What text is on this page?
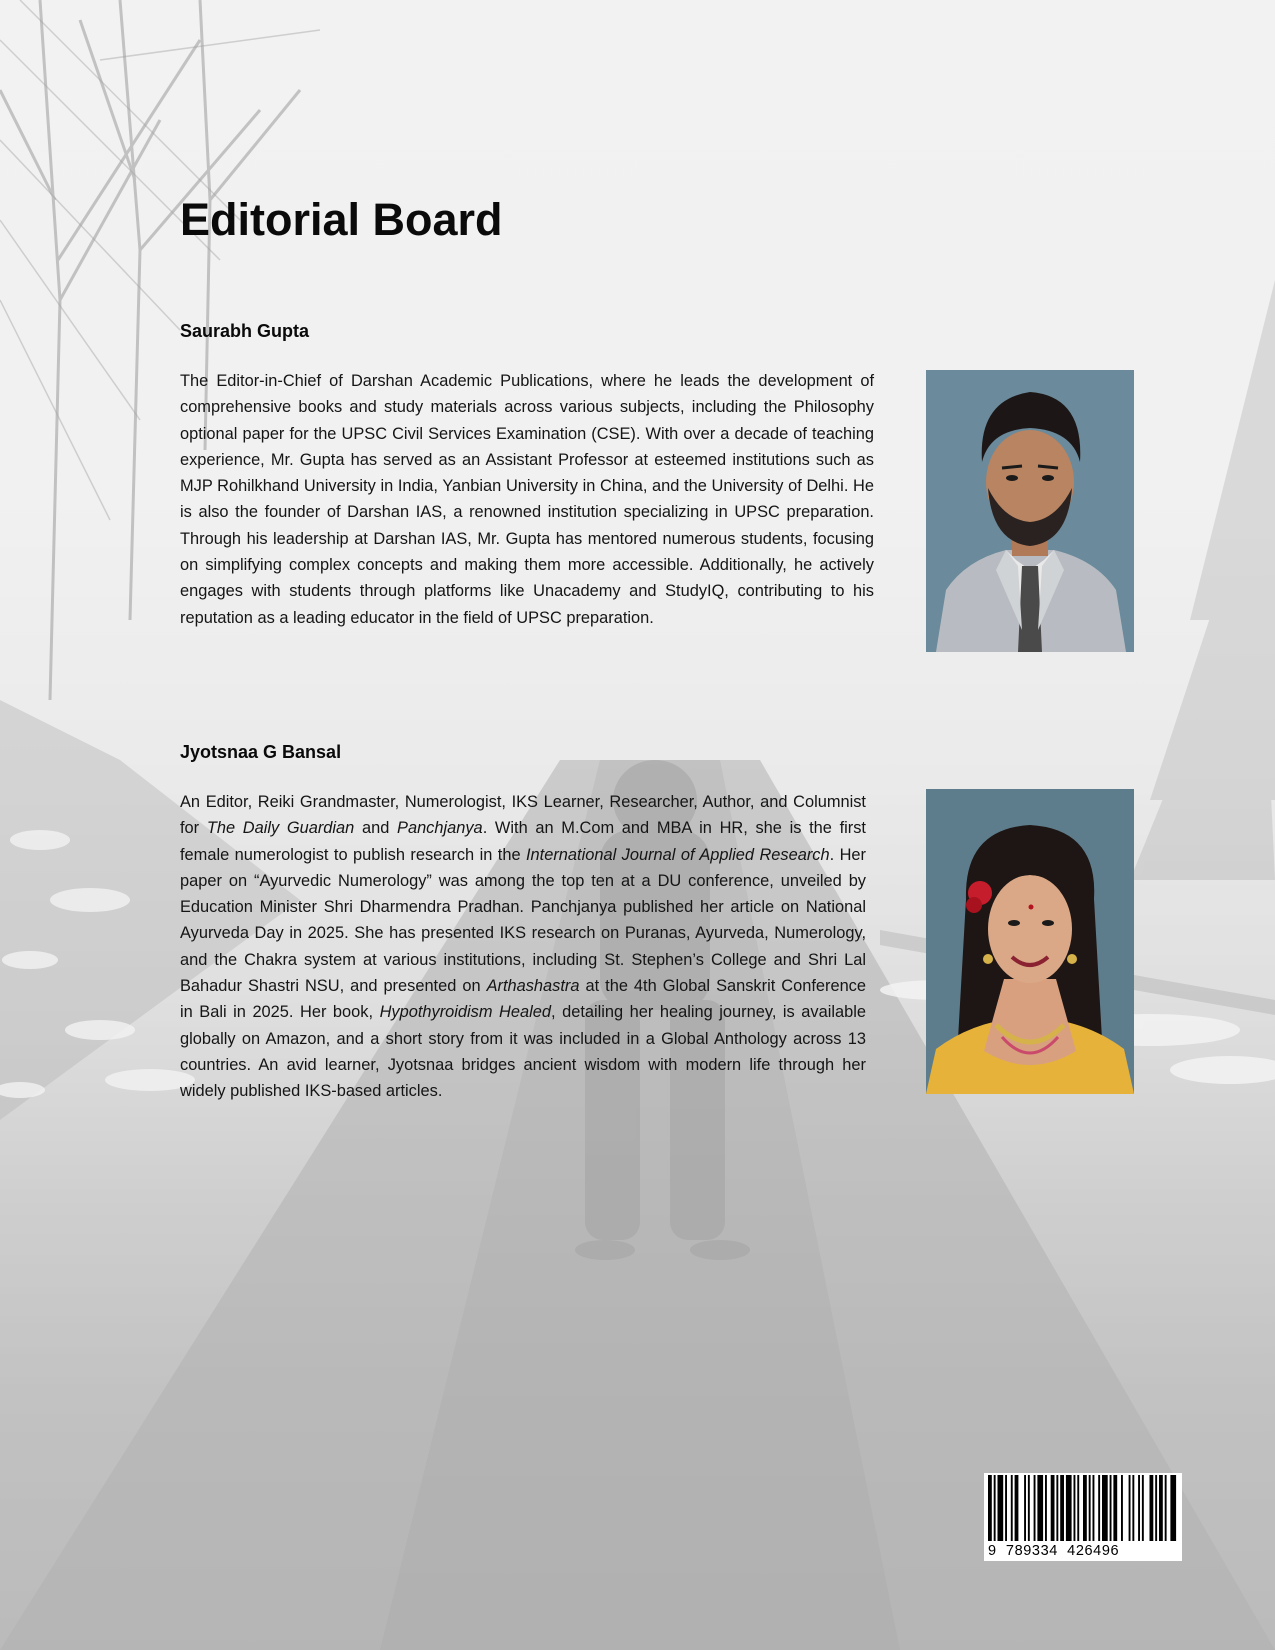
Editorial Board
Saurabh Gupta

The Editor-in-Chief of Darshan Academic Publications, where he leads the development of comprehensive books and study materials across various subjects, including the Philosophy optional paper for the UPSC Civil Services Examination (CSE). With over a decade of teaching experience, Mr. Gupta has served as an Assistant Professor at esteemed institutions such as MJP Rohilkhand University in India, Yanbian University in China, and the University of Delhi. He is also the founder of Darshan IAS, a renowned institution specializing in UPSC preparation. Through his leadership at Darshan IAS, Mr. Gupta has mentored numerous students, focusing on simplifying complex concepts and making them more accessible. Additionally, he actively engages with students through platforms like Unacademy and StudyIQ, contributing to his reputation as a leading educator in the field of UPSC preparation.

Jyotsnaa G Bansal

An Editor, Reiki Grandmaster, Numerologist, IKS Learner, Researcher, Author, and Columnist for The Daily Guardian and Panchjanya. With an M.Com and MBA in HR, she is the first female numerologist to publish research in the International Journal of Applied Research. Her paper on “Ayurvedic Numerology” was among the top ten at a DU conference, unveiled by Education Minister Shri Dharmendra Pradhan. Panchjanya published her article on National Ayurveda Day in 2025. She has presented IKS research on Puranas, Ayurveda, Numerology, and the Chakra system at various institutions, including St. Stephen’s College and Shri Lal Bahadur Shastri NSU, and presented on Arthashastra at the 4th Global Sanskrit Conference in Bali in 2025. Her book, Hypothyroidism Healed, detailing her healing journey, is available globally on Amazon, and a short story from it was included in a Global Anthology across 13 countries. An avid learner, Jyotsnaa bridges ancient wisdom with modern life through her widely published IKS-based articles.

9  789334  426496
